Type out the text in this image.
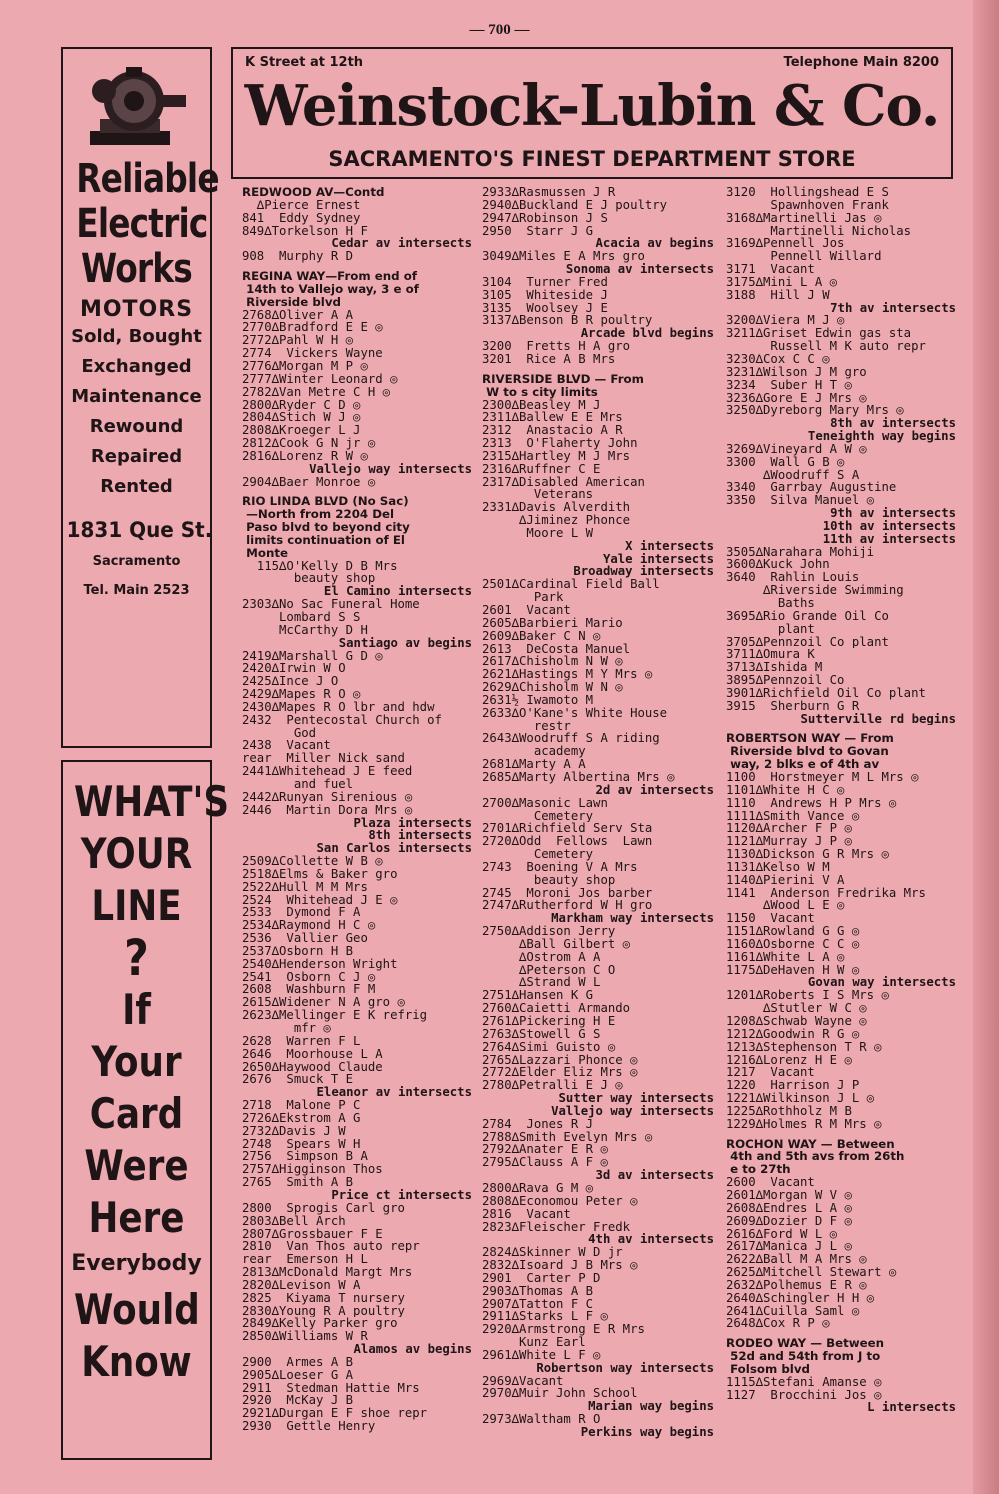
— 700 —
Reliable
Electric
Works
MOTORS
Sold, Bought
Exchanged
Maintenance
Rewound
Repaired
Rented
1831 Que St.
Sacramento
Tel. Main 2523
WHAT'S
YOUR
LINE
?
If
Your
Card
Were
Here
Everybody
Would
Know
K Street at 12th	Telephone Main 8200
Weinstock-Lubin & Co.
SACRAMENTO'S FINEST DEPARTMENT STORE
REDWOOD AV—Contd
∆Pierce Ernest
841  Eddy Sydney
849∆Torkelson H F
Cedar av intersects
908  Murphy R D
REGINA WAY—From end of
14th to Vallejo way, 3 e of
Riverside blvd
2768∆Oliver A A
2770∆Bradford E E ◎
2772∆Pahl W H ◎
2774  Vickers Wayne
2776∆Morgan M P ◎
2777∆Winter Leonard ◎
2782∆Van Metre C H ◎
2800∆Ryder C D ◎
2804∆Stich W J ◎
2808∆Kroeger L J
2812∆Cook G N jr ◎
2816∆Lorenz R W ◎
Vallejo way intersects
2904∆Baer Monroe ◎
RIO LINDA BLVD (No Sac)
—North from 2204 Del
Paso blvd to beyond city
limits continuation of El
Monte
115∆O'Kelly D B Mrs
beauty shop
El Camino intersects
2303∆No Sac Funeral Home
Lombard S S
McCarthy D H
Santiago av begins
2419∆Marshall G D ◎
2420∆Irwin W O
2425∆Ince J O
2429∆Mapes R O ◎
2430∆Mapes R O lbr and hdw
2432  Pentecostal Church of
God
2438  Vacant
rear  Miller Nick sand
2441∆Whitehead J E feed
and fuel
2442∆Runyan Sirenious ◎
2446  Martin Dora Mrs ◎
Plaza intersects
8th intersects
San Carlos intersects
2509∆Collette W B ◎
2518∆Elms & Baker gro
2522∆Hull M M Mrs
2524  Whitehead J E ◎
2533  Dymond F A
2534∆Raymond H C ◎
2536  Vallier Geo
2537∆Osborn H B
2540∆Henderson Wright
2541  Osborn C J ◎
2608  Washburn F M
2615∆Widener N A gro ◎
2623∆Mellinger E K refrig
mfr ◎
2628  Warren F L
2646  Moorhouse L A
2650∆Haywood Claude
2676  Smuck T E
Eleanor av intersects
2718  Malone P C
2726∆Ekstrom A G
2732∆Davis J W
2748  Spears W H
2756  Simpson B A
2757∆Higginson Thos
2765  Smith A B
Price ct intersects
2800  Sprogis Carl gro
2803∆Bell Arch
2807∆Grossbauer F E
2810  Van Thos auto repr
rear  Emerson H L
2813∆McDonald Margt Mrs
2820∆Levison W A
2825  Kiyama T nursery
2830∆Young R A poultry
2849∆Kelly Parker gro
2850∆Williams W R
Alamos av begins
2900  Armes A B
2905∆Loeser G A
2911  Stedman Hattie Mrs
2920  McKay J B
2921∆Durgan E F shoe repr
2930  Gettle Henry
2933∆Rasmussen J R
2940∆Buckland E J poultry
2947∆Robinson J S
2950  Starr J G
Acacia av begins
3049∆Miles E A Mrs gro
Sonoma av intersects
3104  Turner Fred
3105  Whiteside J
3135  Woolsey J E
3137∆Benson B R poultry
Arcade blvd begins
3200  Fretts H A gro
3201  Rice A B Mrs
RIVERSIDE BLVD — From
W to s city limits
2300∆Beasley M J
2311∆Ballew E E Mrs
2312  Anastacio A R
2313  O'Flaherty John
2315∆Hartley M J Mrs
2316∆Ruffner C E
2317∆Disabled American
Veterans
2331∆Davis Alverdith
∆Jiminez Phonce
Moore L W
X intersects
Yale intersects
Broadway intersects
2501∆Cardinal Field Ball
Park
2601  Vacant
2605∆Barbieri Mario
2609∆Baker C N ◎
2613  DeCosta Manuel
2617∆Chisholm N W ◎
2621∆Hastings M Y Mrs ◎
2629∆Chisholm W N ◎
2631½ Iwamoto M
2633∆O'Kane's White House
restr
2643∆Woodruff S A riding
academy
2681∆Marty A A
2685∆Marty Albertina Mrs ◎
2d av intersects
2700∆Masonic Lawn
Cemetery
2701∆Richfield Serv Sta
2720∆Odd  Fellows  Lawn
Cemetery
2743  Boening V A Mrs
beauty shop
2745  Moroni Jos barber
2747∆Rutherford W H gro
Markham way intersects
2750∆Addison Jerry
∆Ball Gilbert ◎
∆Ostrom A A
∆Peterson C O
∆Strand W L
2751∆Hansen K G
2760∆Caietti Armando
2761∆Pickering H E
2763∆Stowell G S
2764∆Simi Guisto ◎
2765∆Lazzari Phonce ◎
2772∆Elder Eliz Mrs ◎
2780∆Petralli E J ◎
Sutter way intersects
Vallejo way intersects
2784  Jones R J
2788∆Smith Evelyn Mrs ◎
2792∆Anater E R ◎
2795∆Clauss A F ◎
3d av intersects
2800∆Rava G M ◎
2808∆Economou Peter ◎
2816  Vacant
2823∆Fleischer Fredk
4th av intersects
2824∆Skinner W D jr
2832∆Isoard J B Mrs ◎
2901  Carter P D
2903∆Thomas A B
2907∆Tatton F C
2911∆Starks L F ◎
2920∆Armstrong E R Mrs
Kunz Earl
2961∆White L F ◎
Robertson way intersects
2969∆Vacant
2970∆Muir John School
Marian way begins
2973∆Waltham R O
Perkins way begins
3120  Hollingshead E S
Spawnhoven Frank
3168∆Martinelli Jas ◎
Martinelli Nicholas
3169∆Pennell Jos
Pennell Willard
3171  Vacant
3175∆Mini L A ◎
3188  Hill J W
7th av intersects
3200∆Viera M J ◎
3211∆Griset Edwin gas sta
Russell M K auto repr
3230∆Cox C C ◎
3231∆Wilson J M gro
3234  Suber H T ◎
3236∆Gore E J Mrs ◎
3250∆Dyreborg Mary Mrs ◎
8th av intersects
Teneighth way begins
3269∆Vineyard A W ◎
3300  Wall G B ◎
∆Woodruff S A
3340  Garrbay Augustine
3350  Silva Manuel ◎
9th av intersects
10th av intersects
11th av intersects
3505∆Narahara Mohiji
3600∆Kuck John
3640  Rahlin Louis
∆Riverside Swimming
Baths
3695∆Rio Grande Oil Co
plant
3705∆Pennzoil Co plant
3711∆Omura K
3713∆Ishida M
3895∆Pennzoil Co
3901∆Richfield Oil Co plant
3915  Sherburn G R
Sutterville rd begins
ROBERTSON WAY — From
Riverside blvd to Govan
way, 2 blks e of 4th av
1100  Horstmeyer M L Mrs ◎
1101∆White H C ◎
1110  Andrews H P Mrs ◎
1111∆Smith Vance ◎
1120∆Archer F P ◎
1121∆Murray J P ◎
1130∆Dickson G R Mrs ◎
1131∆Kelso W M
1140∆Pierini V A
1141  Anderson Fredrika Mrs
∆Wood L E ◎
1150  Vacant
1151∆Rowland G G ◎
1160∆Osborne C C ◎
1161∆White L A ◎
1175∆DeHaven H W ◎
Govan way intersects
1201∆Roberts I S Mrs ◎
∆Stutler W C ◎
1208∆Schwab Wayne ◎
1212∆Goodwin R G ◎
1213∆Stephenson T R ◎
1216∆Lorenz H E ◎
1217  Vacant
1220  Harrison J P
1221∆Wilkinson J L ◎
1225∆Rothholz M B
1229∆Holmes R M Mrs ◎
ROCHON WAY — Between
4th and 5th avs from 26th
e to 27th
2600  Vacant
2601∆Morgan W V ◎
2608∆Endres L A ◎
2609∆Dozier D F ◎
2616∆Ford W L ◎
2617∆Manica J L ◎
2622∆Ball M A Mrs ◎
2625∆Mitchell Stewart ◎
2632∆Polhemus E R ◎
2640∆Schingler H H ◎
2641∆Cuilla Saml ◎
2648∆Cox R P ◎
RODEO WAY — Between
52d and 54th from J to
Folsom blvd
1115∆Stefani Amanse ◎
1127  Brocchini Jos ◎
L intersects
